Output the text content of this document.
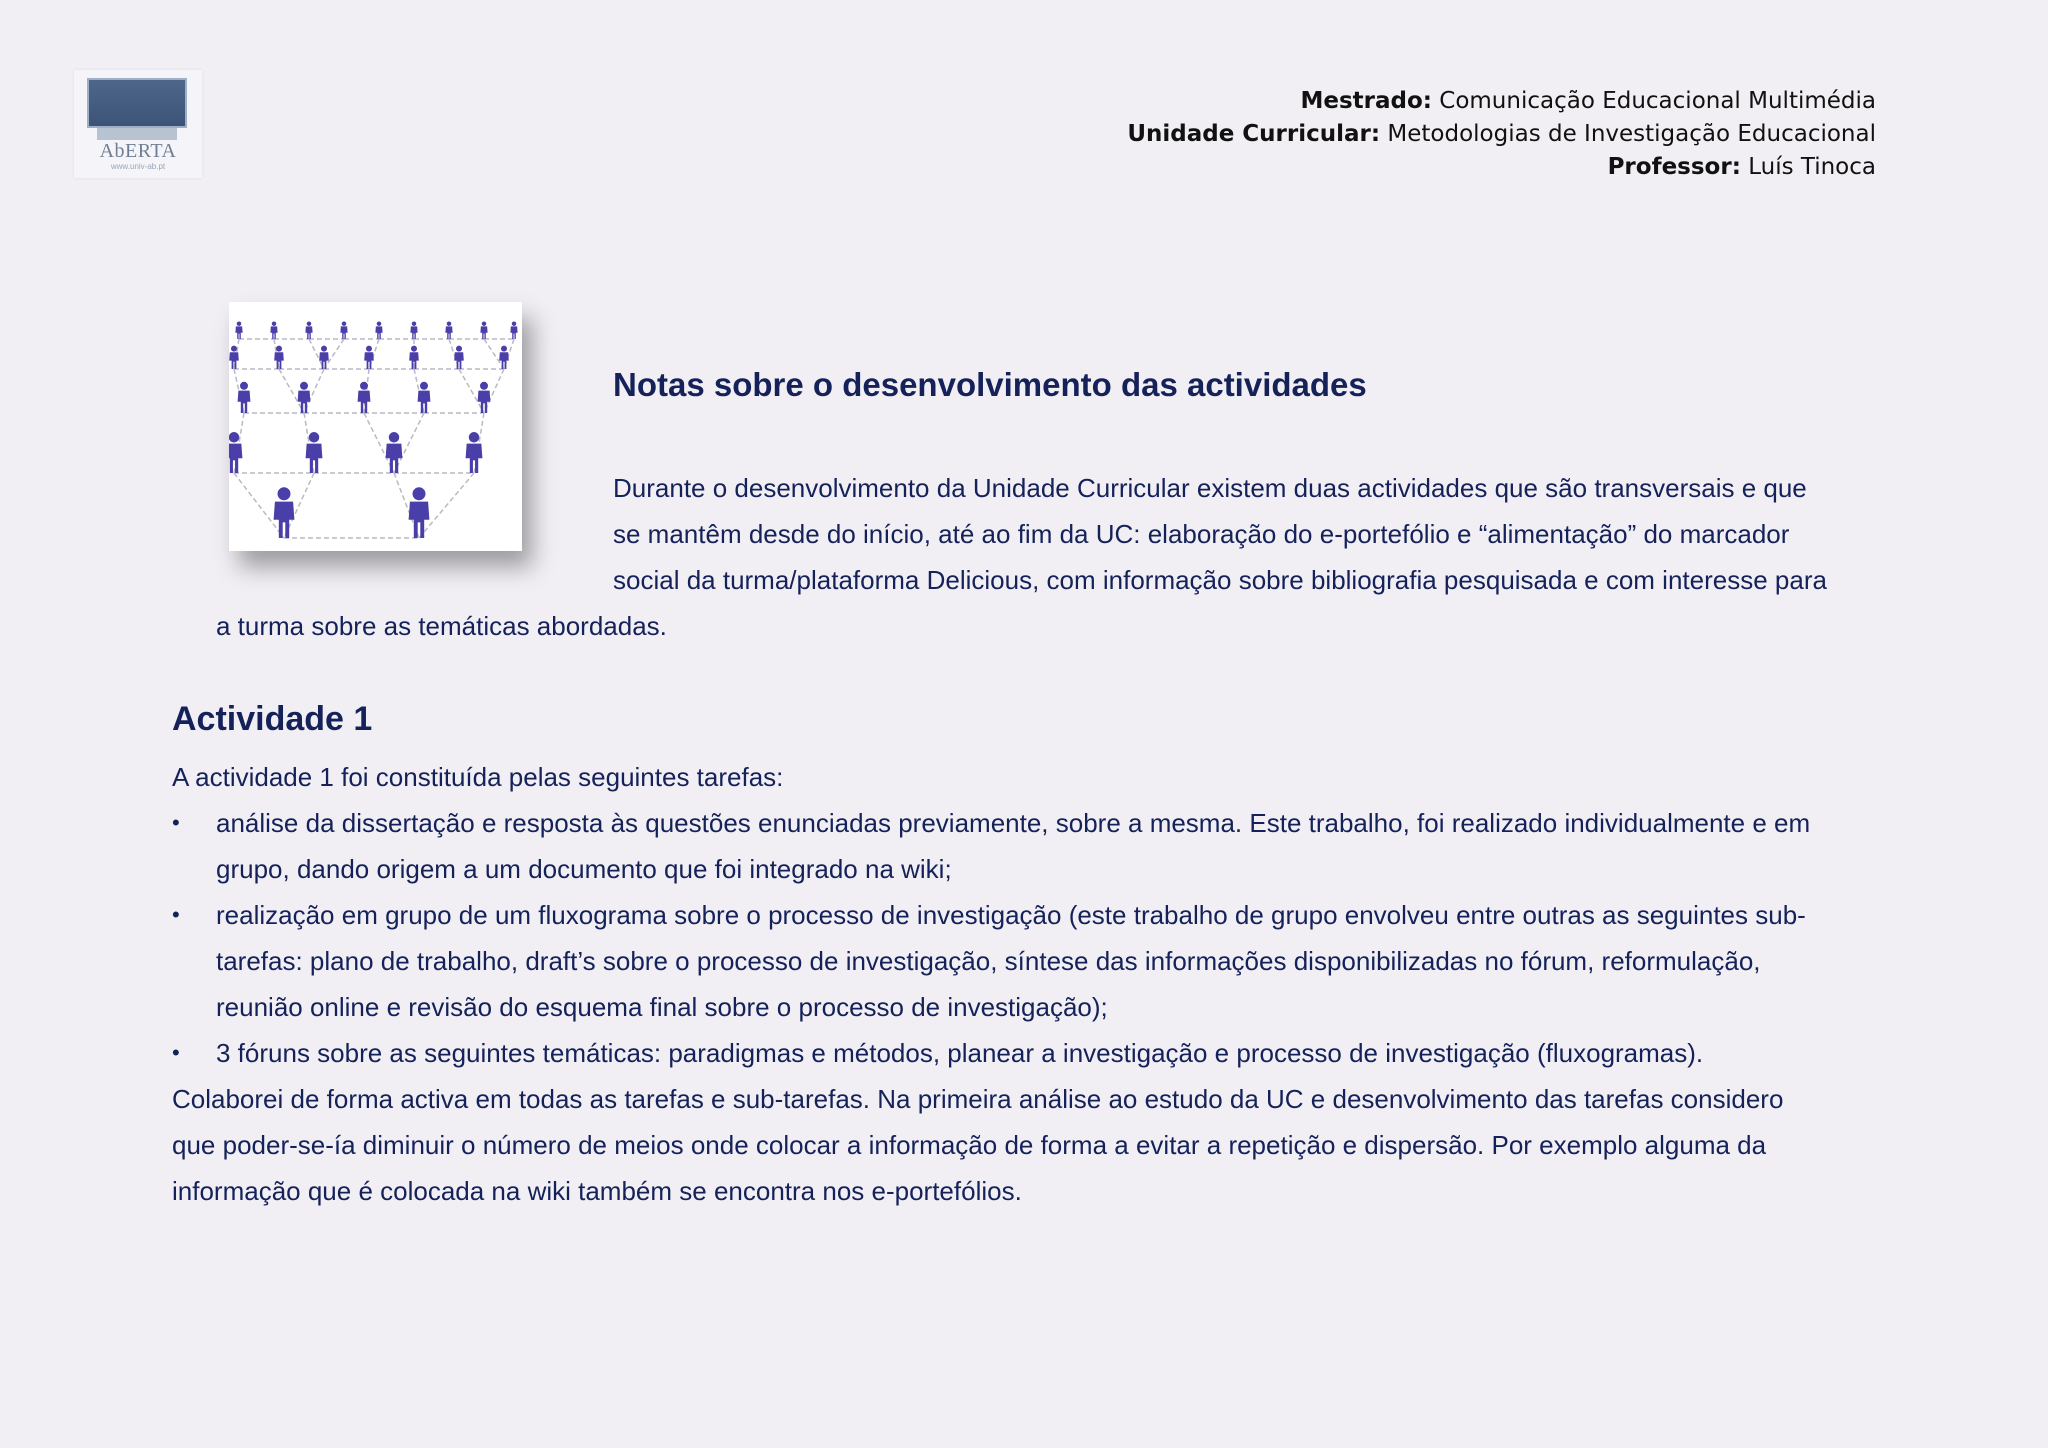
AbERTA
www.univ-ab.pt
Mestrado: Comunicação Educacional Multimédia
Unidade Curricular: Metodologias de Investigação Educacional
Professor: Luís Tinoca
Notas sobre o desenvolvimento das actividades

Durante o desenvolvimento da Unidade Curricular existem duas actividades que são transversais e que
se mantêm desde do início, até ao fim da UC: elaboração do e-portefólio e “alimentação” do marcador
social da turma/plataforma Delicious, com informação sobre bibliografia pesquisada e com interesse para
a turma sobre as temáticas abordadas.

Actividade 1
A actividade 1 foi constituída pelas seguintes tarefas:
• análise da dissertação e resposta às questões enunciadas previamente, sobre a mesma. Este trabalho, foi realizado individualmente e em
grupo, dando origem a um documento que foi integrado na wiki;
• realização em grupo de um fluxograma sobre o processo de investigação (este trabalho de grupo envolveu entre outras as seguintes sub-
tarefas: plano de trabalho, draft’s sobre o processo de investigação, síntese das informações disponibilizadas no fórum, reformulação,
reunião online e revisão do esquema final sobre o processo de investigação);
• 3 fóruns sobre as seguintes temáticas: paradigmas e métodos, planear a investigação e processo de investigação (fluxogramas).
Colaborei de forma activa em todas as tarefas e sub-tarefas. Na primeira análise ao estudo da UC e desenvolvimento das tarefas considero
que poder-se-ía diminuir o número de meios onde colocar a informação de forma a evitar a repetição e dispersão. Por exemplo alguma da
informação que é colocada na wiki também se encontra nos e-portefólios.
